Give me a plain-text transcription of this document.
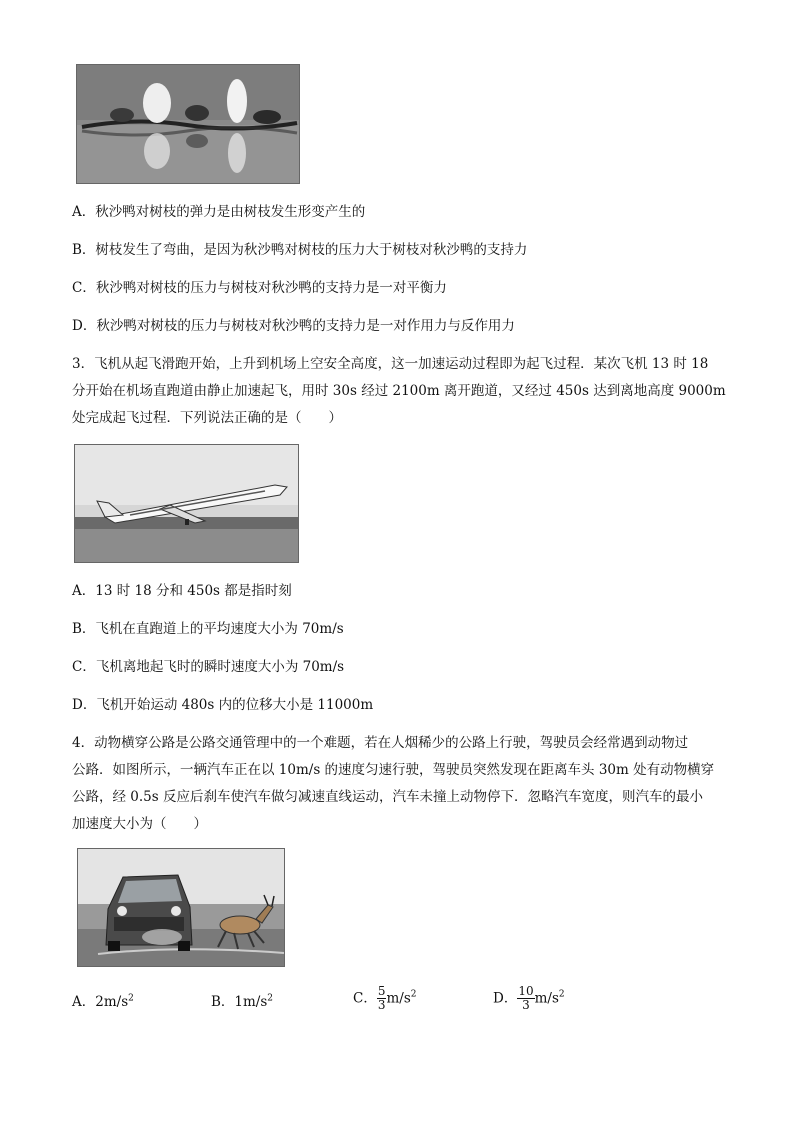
A．秋沙鸭对树枝的弹力是由树枝发生形变产生的
B．树枝发生了弯曲，是因为秋沙鸭对树枝的压力大于树枝对秋沙鸭的支持力
C．秋沙鸭对树枝的压力与树枝对秋沙鸭的支持力是一对平衡力
D．秋沙鸭对树枝的压力与树枝对秋沙鸭的支持力是一对作用力与反作用力
3．飞机从起飞滑跑开始，上升到机场上空安全高度，这一加速运动过程即为起飞过程．某次飞机 13 时 18
分开始在机场直跑道由静止加速起飞，用时 30s 经过 2100m 离开跑道，又经过 450s 达到离地高度 9000m
处完成起飞过程．下列说法正确的是（　　）
A．13 时 18 分和 450s 都是指时刻
B．飞机在直跑道上的平均速度大小为 70m/s
C．飞机离地起飞时的瞬时速度大小为 70m/s
D．飞机开始运动 480s 内的位移大小是 11000m
4．动物横穿公路是公路交通管理中的一个难题，若在人烟稀少的公路上行驶，驾驶员会经常遇到动物过
公路．如图所示，一辆汽车正在以 10m/s 的速度匀速行驶，驾驶员突然发现在距离车头 30m 处有动物横穿
公路，经 0.5s 反应后刹车使汽车做匀减速直线运动，汽车未撞上动物停下．忽略汽车宽度，则汽车的最小
加速度大小为（　　）
A．$2m/s^2$	B．$1m/s^2$	C． $\frac{5}{3} m/s^2$	D． $\frac{10}{3} m/s^2$
